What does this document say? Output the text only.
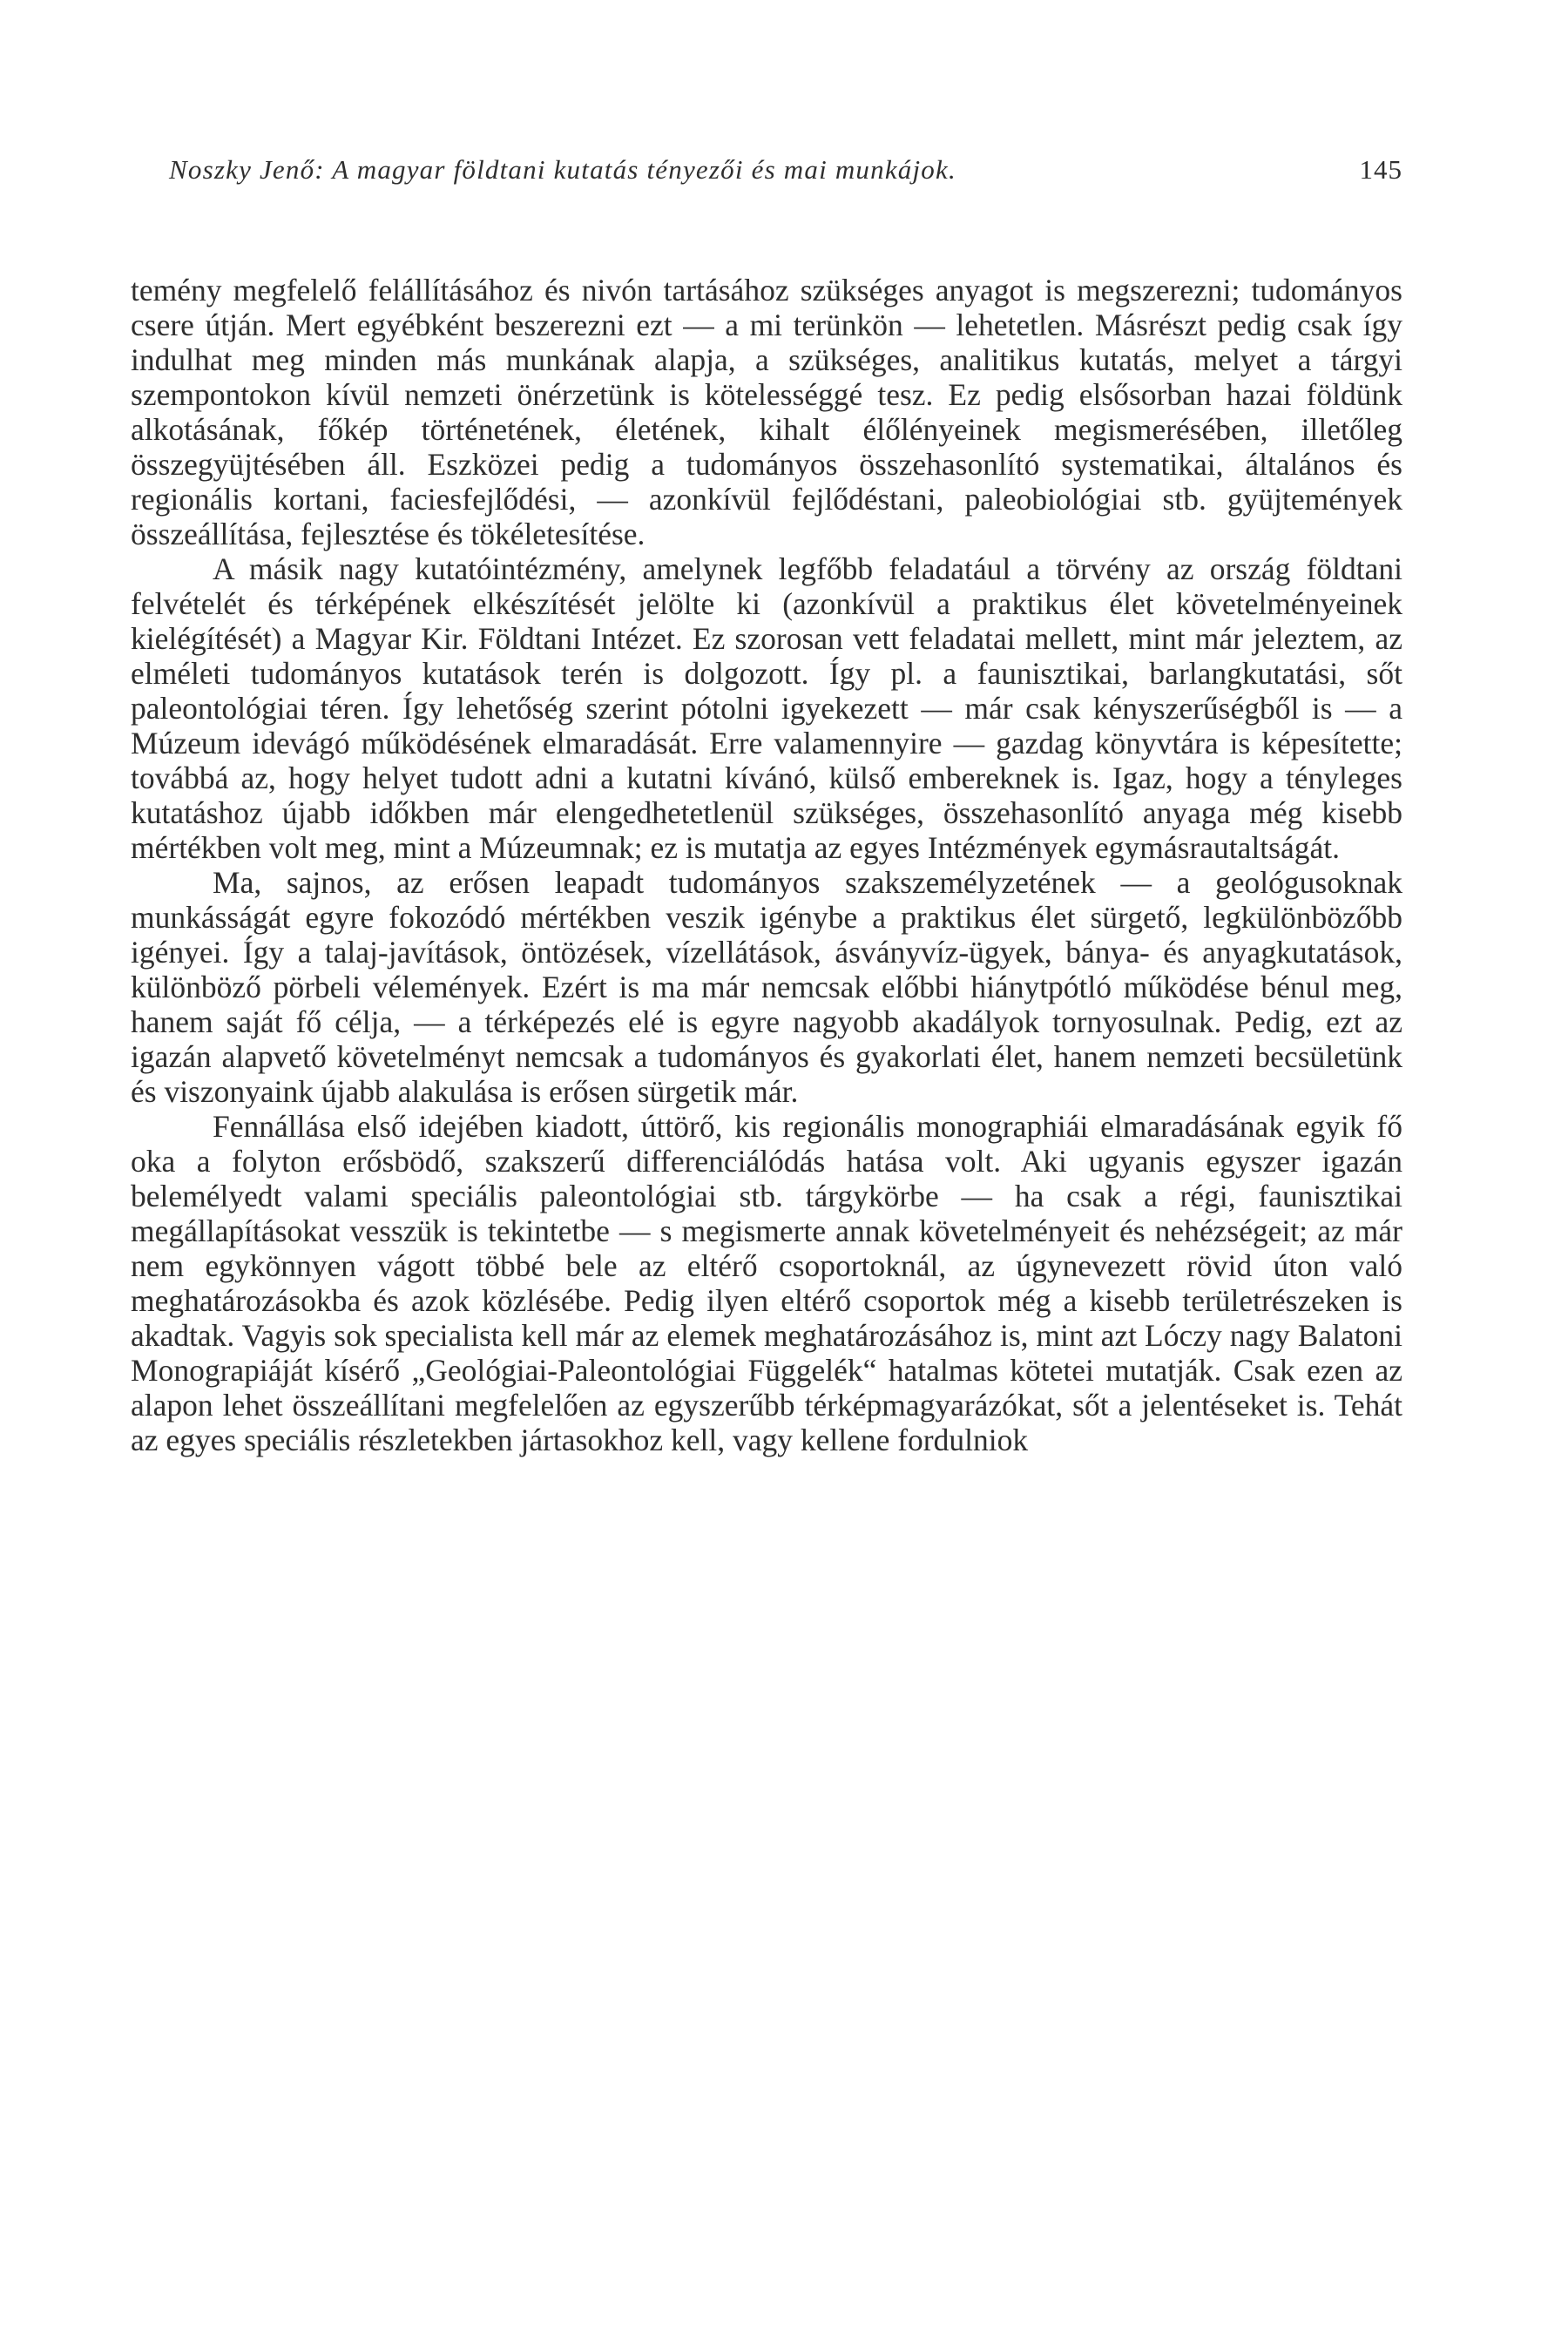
Noszky Jenő: A magyar földtani kutatás tényezői és mai munkájok.	145

temény megfelelő felállításához és nivón tartásához szükséges anyagot is megszerezni; tudományos csere útján. Mert egyébként beszerezni ezt — a mi terünkön — lehetetlen. Másrészt pedig csak így indulhat meg minden más munkának alapja, a szükséges, analitikus kutatás, melyet a tárgyi szempontokon kívül nemzeti önérzetünk is kötelességgé tesz. Ez pedig elsősorban hazai földünk alkotásának, főkép történetének, életének, kihalt élőlényeinek megismerésében, illetőleg összegyüjtésében áll. Eszközei pedig a tudományos összehasonlító systematikai, általános és regionális kortani, faciesfejlődési, — azonkívül fejlődéstani, paleobiológiai stb. gyüjtemények összeállítása, fejlesztése és tökéletesítése.

A másik nagy kutatóintézmény, amelynek legfőbb feladatául a törvény az ország földtani felvételét és térképének elkészítését jelölte ki (azonkívül a praktikus élet követelményeinek kielégítését) a Magyar Kir. Földtani Intézet. Ez szorosan vett feladatai mellett, mint már jeleztem, az elméleti tudományos kutatások terén is dolgozott. Így pl. a faunisztikai, barlangkutatási, sőt paleontológiai téren. Így lehetőség szerint pótolni igyekezett — már csak kényszerűségből is — a Múzeum idevágó működésének elmaradását. Erre valamennyire — gazdag könyvtára is képesítette; továbbá az, hogy helyet tudott adni a kutatni kívánó, külső embereknek is. Igaz, hogy a tényleges kutatáshoz újabb időkben már elengedhetetlenül szükséges, összehasonlító anyaga még kisebb mértékben volt meg, mint a Múzeumnak; ez is mutatja az egyes Intézmények egymásrautaltságát.

Ma, sajnos, az erősen leapadt tudományos szakszemélyzetének — a geológusoknak munkásságát egyre fokozódó mértékben veszik igénybe a praktikus élet sürgető, legkülönbözőbb igényei. Így a talaj-javítások, öntözések, vízellátások, ásványvíz-ügyek, bánya- és anyagkutatások, különböző pörbeli vélemények. Ezért is ma már nemcsak előbbi hiánytpótló működése bénul meg, hanem saját fő célja, — a térképezés elé is egyre nagyobb akadályok tornyosulnak. Pedig, ezt az igazán alapvető követelményt nemcsak a tudományos és gyakorlati élet, hanem nemzeti becsületünk és viszonyaink újabb alakulása is erősen sürgetik már.

Fennállása első idejében kiadott, úttörő, kis regionális monographiái elmaradásának egyik fő oka a folyton erősbödő, szakszerű differenciálódás hatása volt. Aki ugyanis egyszer igazán belemélyedt valami speciális paleontológiai stb. tárgykörbe — ha csak a régi, faunisztikai megállapításokat vesszük is tekintetbe — s megismerte annak követelményeit és nehézségeit; az már nem egykönnyen vágott többé bele az eltérő csoportoknál, az úgynevezett rövid úton való meghatározásokba és azok közlésébe. Pedig ilyen eltérő csoportok még a kisebb területrészeken is akadtak. Vagyis sok specialista kell már az elemek meghatározásához is, mint azt Lóczy nagy Balatoni Monograpiáját kísérő „Geológiai-Paleontológiai Függelék“ hatalmas kötetei mutatják. Csak ezen az alapon lehet összeállítani megfelelően az egyszerűbb térképmagyarázókat, sőt a jelentéseket is. Tehát az egyes speciális részletekben jártasokhoz kell, vagy kellene fordulniok
